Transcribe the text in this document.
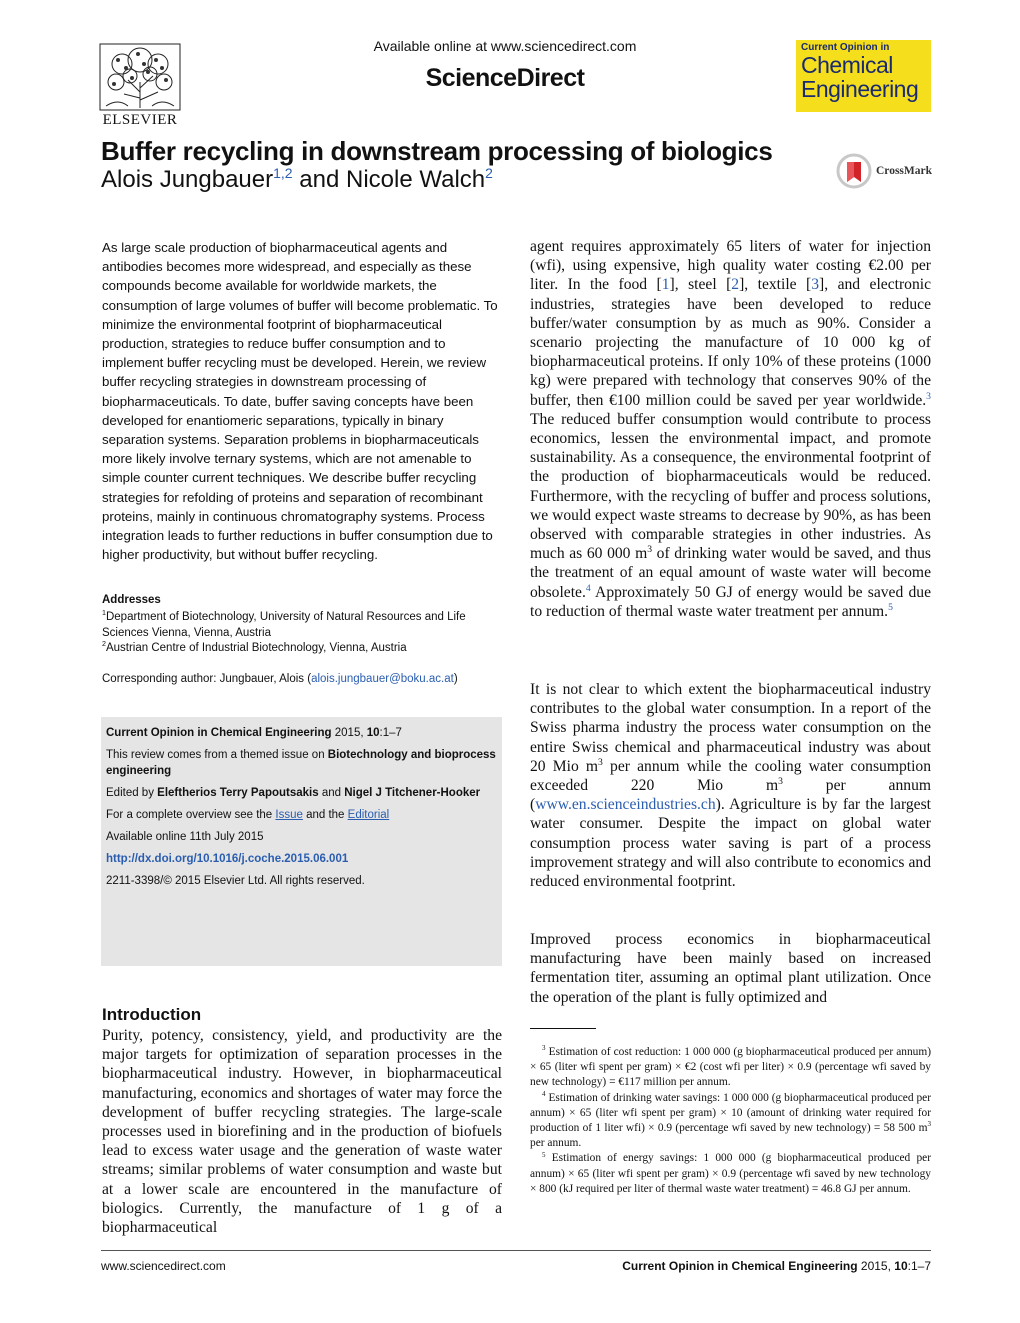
ELSEVIER
Available online at www.sciencedirect.com
ScienceDirect
Current Opinion in
Chemical
Engineering
Buffer recycling in downstream processing of biologics
Alois Jungbauer$^{1,2}$ and Nicole Walch$^2$	CrossMark
As large scale production of biopharmaceutical agents and antibodies becomes more widespread, and especially as these compounds become available for worldwide markets, the consumption of large volumes of buffer will become problematic. To minimize the environmental footprint of biopharmaceutical production, strategies to reduce buffer consumption and to implement buffer recycling must be developed. Herein, we review buffer recycling strategies in downstream processing of biopharmaceuticals. To date, buffer saving concepts have been developed for enantiomeric separations, typically in binary separation systems. Separation problems in biopharmaceuticals more likely involve ternary systems, which are not amenable to simple counter current techniques. We describe buffer recycling strategies for refolding of proteins and separation of recombinant proteins, mainly in continuous chromatography systems. Process integration leads to further reductions in buffer consumption due to higher productivity, but without buffer recycling.
Addresses
$^1$Department of Biotechnology, University of Natural Resources and Life Sciences Vienna, Vienna, Austria
$^2$Austrian Centre of Industrial Biotechnology, Vienna, Austria
Corresponding author: Jungbauer, Alois (alois.jungbauer@boku.ac.at)
Current Opinion in Chemical Engineering 2015, 10:1–7
This review comes from a themed issue on Biotechnology and bioprocess engineering
Edited by Eleftherios Terry Papoutsakis and Nigel J Titchener-Hooker
For a complete overview see the Issue and the Editorial
Available online 11th July 2015
http://dx.doi.org/10.1016/j.coche.2015.06.001
2211-3398/© 2015 Elsevier Ltd. All rights reserved.
Introduction
Purity, potency, consistency, yield, and productivity are the major targets for optimization of separation processes in the biopharmaceutical industry. However, in biopharmaceutical manufacturing, economics and shortages of water may force the development of buffer recycling strategies. The large-scale processes used in biorefining and in the production of biofuels lead to excess water usage and the generation of waste water streams; similar problems of water consumption and waste but at a lower scale are encountered in the manufacture of biologics. Currently, the manufacture of 1 g of a biopharmaceutical
agent requires approximately 65 liters of water for injection (wfi), using expensive, high quality water costing €2.00 per liter. In the food [1], steel [2], textile [3], and electronic industries, strategies have been developed to reduce buffer/water consumption by as much as 90%. Consider a scenario projecting the manufacture of 10 000 kg of biopharmaceutical proteins. If only 10% of these proteins (1000 kg) were prepared with technology that conserves 90% of the buffer, then €100 million could be saved per year worldwide.$^3$ The reduced buffer consumption would contribute to process economics, lessen the environmental impact, and promote sustainability. As a consequence, the environmental footprint of the production of biopharmaceuticals would be reduced. Furthermore, with the recycling of buffer and process solutions, we would expect waste streams to decrease by 90%, as has been observed with comparable strategies in other industries. As much as 60 000 $m^3$ of drinking water would be saved, and thus the treatment of an equal amount of waste water will become obsolete.$^4$ Approximately 50 GJ of energy would be saved due to reduction of thermal waste water treatment per annum.$^5$
It is not clear to which extent the biopharmaceutical industry contributes to the global water consumption. In a report of the Swiss pharma industry the process water consumption on the entire Swiss chemical and pharmaceutical industry was about 20 Mio $m^3$ per annum while the cooling water consumption exceeded 220 Mio $m^3$ per annum (www.en.scienceindustries.ch). Agriculture is by far the largest water consumer. Despite the impact on global water consumption process water saving is part of a process improvement strategy and will also contribute to economics and reduced environmental footprint.
Improved process economics in biopharmaceutical manufacturing have been mainly based on increased fermentation titer, assuming an optimal plant utilization. Once the operation of the plant is fully optimized and
$^3$ Estimation of cost reduction: 1 000 000 (g biopharmaceutical produced per annum) × 65 (liter wfi spent per gram) × €2 (cost wfi per liter) × 0.9 (percentage wfi saved by new technology) = €117 million per annum.
$^4$ Estimation of drinking water savings: 1 000 000 (g biopharmaceutical produced per annum) × 65 (liter wfi spent per gram) × 10 (amount of drinking water required for production of 1 liter wfi) × 0.9 (percentage wfi saved by new technology) = 58 500 $m^3$ per annum.
$^5$ Estimation of energy savings: 1 000 000 (g biopharmaceutical produced per annum) × 65 (liter wfi spent per gram) × 0.9 (percentage wfi saved by new technology × 800 (kJ required per liter of thermal waste water treatment) = 46.8 GJ per annum.
www.sciencedirect.com	Current Opinion in Chemical Engineering 2015, 10:1–7
